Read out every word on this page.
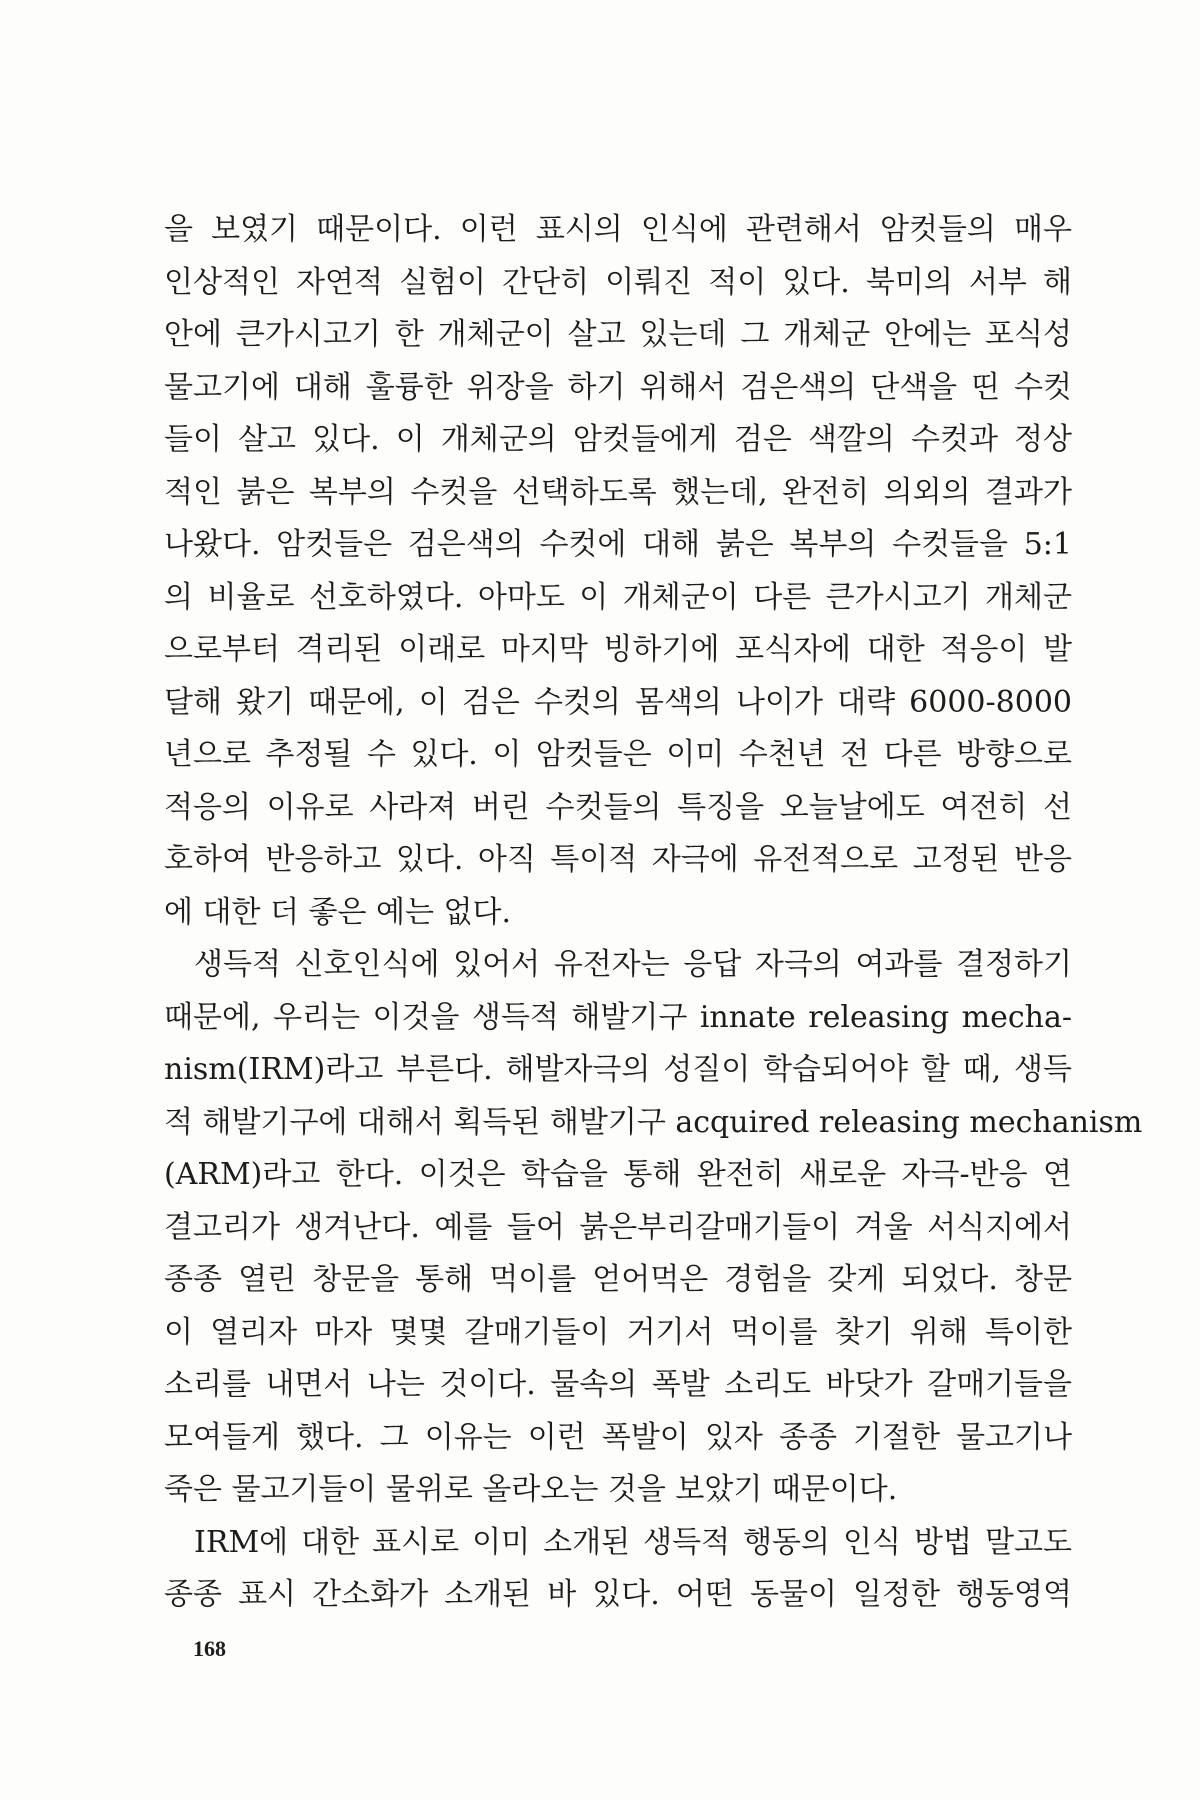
을 보였기 때문이다. 이런 표시의 인식에 관련해서 암컷들의 매우
인상적인 자연적 실험이 간단히 이뤄진 적이 있다. 북미의 서부 해
안에 큰가시고기 한 개체군이 살고 있는데 그 개체군 안에는 포식성
물고기에 대해 훌륭한 위장을 하기 위해서 검은색의 단색을 띤 수컷
들이 살고 있다. 이 개체군의 암컷들에게 검은 색깔의 수컷과 정상
적인 붉은 복부의 수컷을 선택하도록 했는데, 완전히 의외의 결과가
나왔다. 암컷들은 검은색의 수컷에 대해 붉은 복부의 수컷들을 5:1
의 비율로 선호하였다. 아마도 이 개체군이 다른 큰가시고기 개체군
으로부터 격리된 이래로 마지막 빙하기에 포식자에 대한 적응이 발
달해 왔기 때문에, 이 검은 수컷의 몸색의 나이가 대략 6000-8000
년으로 추정될 수 있다. 이 암컷들은 이미 수천년 전 다른 방향으로
적응의 이유로 사라져 버린 수컷들의 특징을 오늘날에도 여전히 선
호하여 반응하고 있다. 아직 특이적 자극에 유전적으로 고정된 반응
에 대한 더 좋은 예는 없다.

생득적 신호인식에 있어서 유전자는 응답 자극의 여과를 결정하기
때문에, 우리는 이것을 생득적 해발기구 innate releasing mecha-
nism(IRM)라고 부른다. 해발자극의 성질이 학습되어야 할 때, 생득
적 해발기구에 대해서 획득된 해발기구 acquired releasing mechanism
(ARM)라고 한다. 이것은 학습을 통해 완전히 새로운 자극-반응 연
결고리가 생겨난다. 예를 들어 붉은부리갈매기들이 겨울 서식지에서
종종 열린 창문을 통해 먹이를 얻어먹은 경험을 갖게 되었다. 창문
이 열리자 마자 몇몇 갈매기들이 거기서 먹이를 찾기 위해 특이한
소리를 내면서 나는 것이다. 물속의 폭발 소리도 바닷가 갈매기들을
모여들게 했다. 그 이유는 이런 폭발이 있자 종종 기절한 물고기나
죽은 물고기들이 물위로 올라오는 것을 보았기 때문이다.

IRM에 대한 표시로 이미 소개된 생득적 행동의 인식 방법 말고도
종종 표시 간소화가 소개된 바 있다. 어떤 동물이 일정한 행동영역

168
